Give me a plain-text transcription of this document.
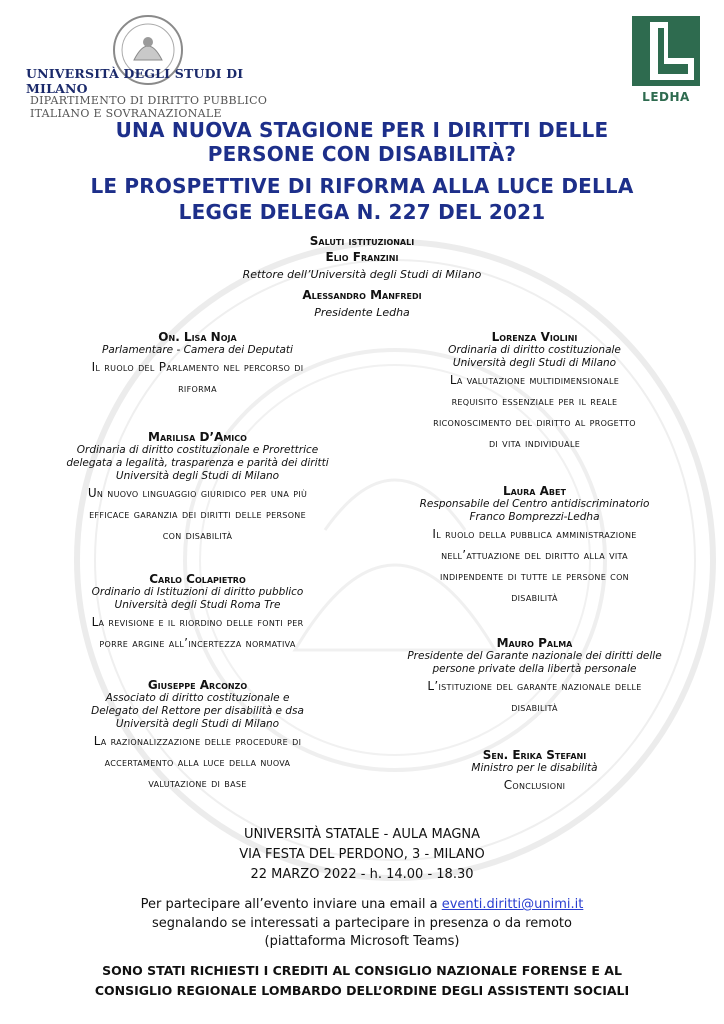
UNIVERSITÀ DEGLI STUDI DI MILANO
DIPARTIMENTO DI DIRITTO PUBBLICO
ITALIANO E SOVRANAZIONALE
LEDHA
UNA NUOVA STAGIONE PER I DIRITTI DELLE
PERSONE CON DISABILITÀ?
LE PROSPETTIVE DI RIFORMA ALLA LUCE DELLA
LEGGE DELEGA N. 227 DEL 2021
Saluti istituzionali
Elio Franzini
Rettore dell’Università degli Studi di Milano
Alessandro Manfredi
Presidente Ledha
On. Lisa Noja
Parlamentare - Camera dei Deputati
Il ruolo del Parlamento nel percorso di
riforma
Marilisa D’Amico
Ordinaria di diritto costituzionale e Prorettrice
delegata a legalità, trasparenza e parità dei diritti
Università degli Studi di Milano
Un nuovo linguaggio giuridico per una più
efficace garanzia dei diritti delle persone
con disabilità
Carlo Colapietro
Ordinario di Istituzioni di diritto pubblico
Università degli Studi Roma Tre
La revisione e il riordino delle fonti per
porre argine all’incertezza normativa
Giuseppe Arconzo
Associato di diritto costituzionale e
Delegato del Rettore per disabilità e dsa
Università degli Studi di Milano
La razionalizzazione delle procedure di
accertamento alla luce della nuova
valutazione di base
Lorenza Violini
Ordinaria di diritto costituzionale
Università degli Studi di Milano
La valutazione multidimensionale
requisito essenziale per il reale
riconoscimento del diritto al progetto
di vita individuale
Laura Abet
Responsabile del Centro antidiscriminatorio
Franco Bomprezzi-Ledha
Il ruolo della pubblica amministrazione
nell’attuazione del diritto alla vita
indipendente di tutte le persone con
disabilità
Mauro Palma
Presidente del Garante nazionale dei diritti delle
persone private della libertà personale
L’istituzione del garante nazionale delle
disabilità
Sen. Erika Stefani
Ministro per le disabilità
Conclusioni
UNIVERSITÀ STATALE - AULA MAGNA
VIA FESTA DEL PERDONO, 3 - MILANO
22 MARZO 2022 - h. 14.00 - 18.30
Per partecipare all’evento inviare una email a eventi.diritti@unimi.it
segnalando se interessati a partecipare in presenza o da remoto
(piattaforma Microsoft Teams)
SONO STATI RICHIESTI I CREDITI AL CONSIGLIO NAZIONALE FORENSE E AL
CONSIGLIO REGIONALE LOMBARDO DELL’ORDINE DEGLI ASSISTENTI SOCIALI
